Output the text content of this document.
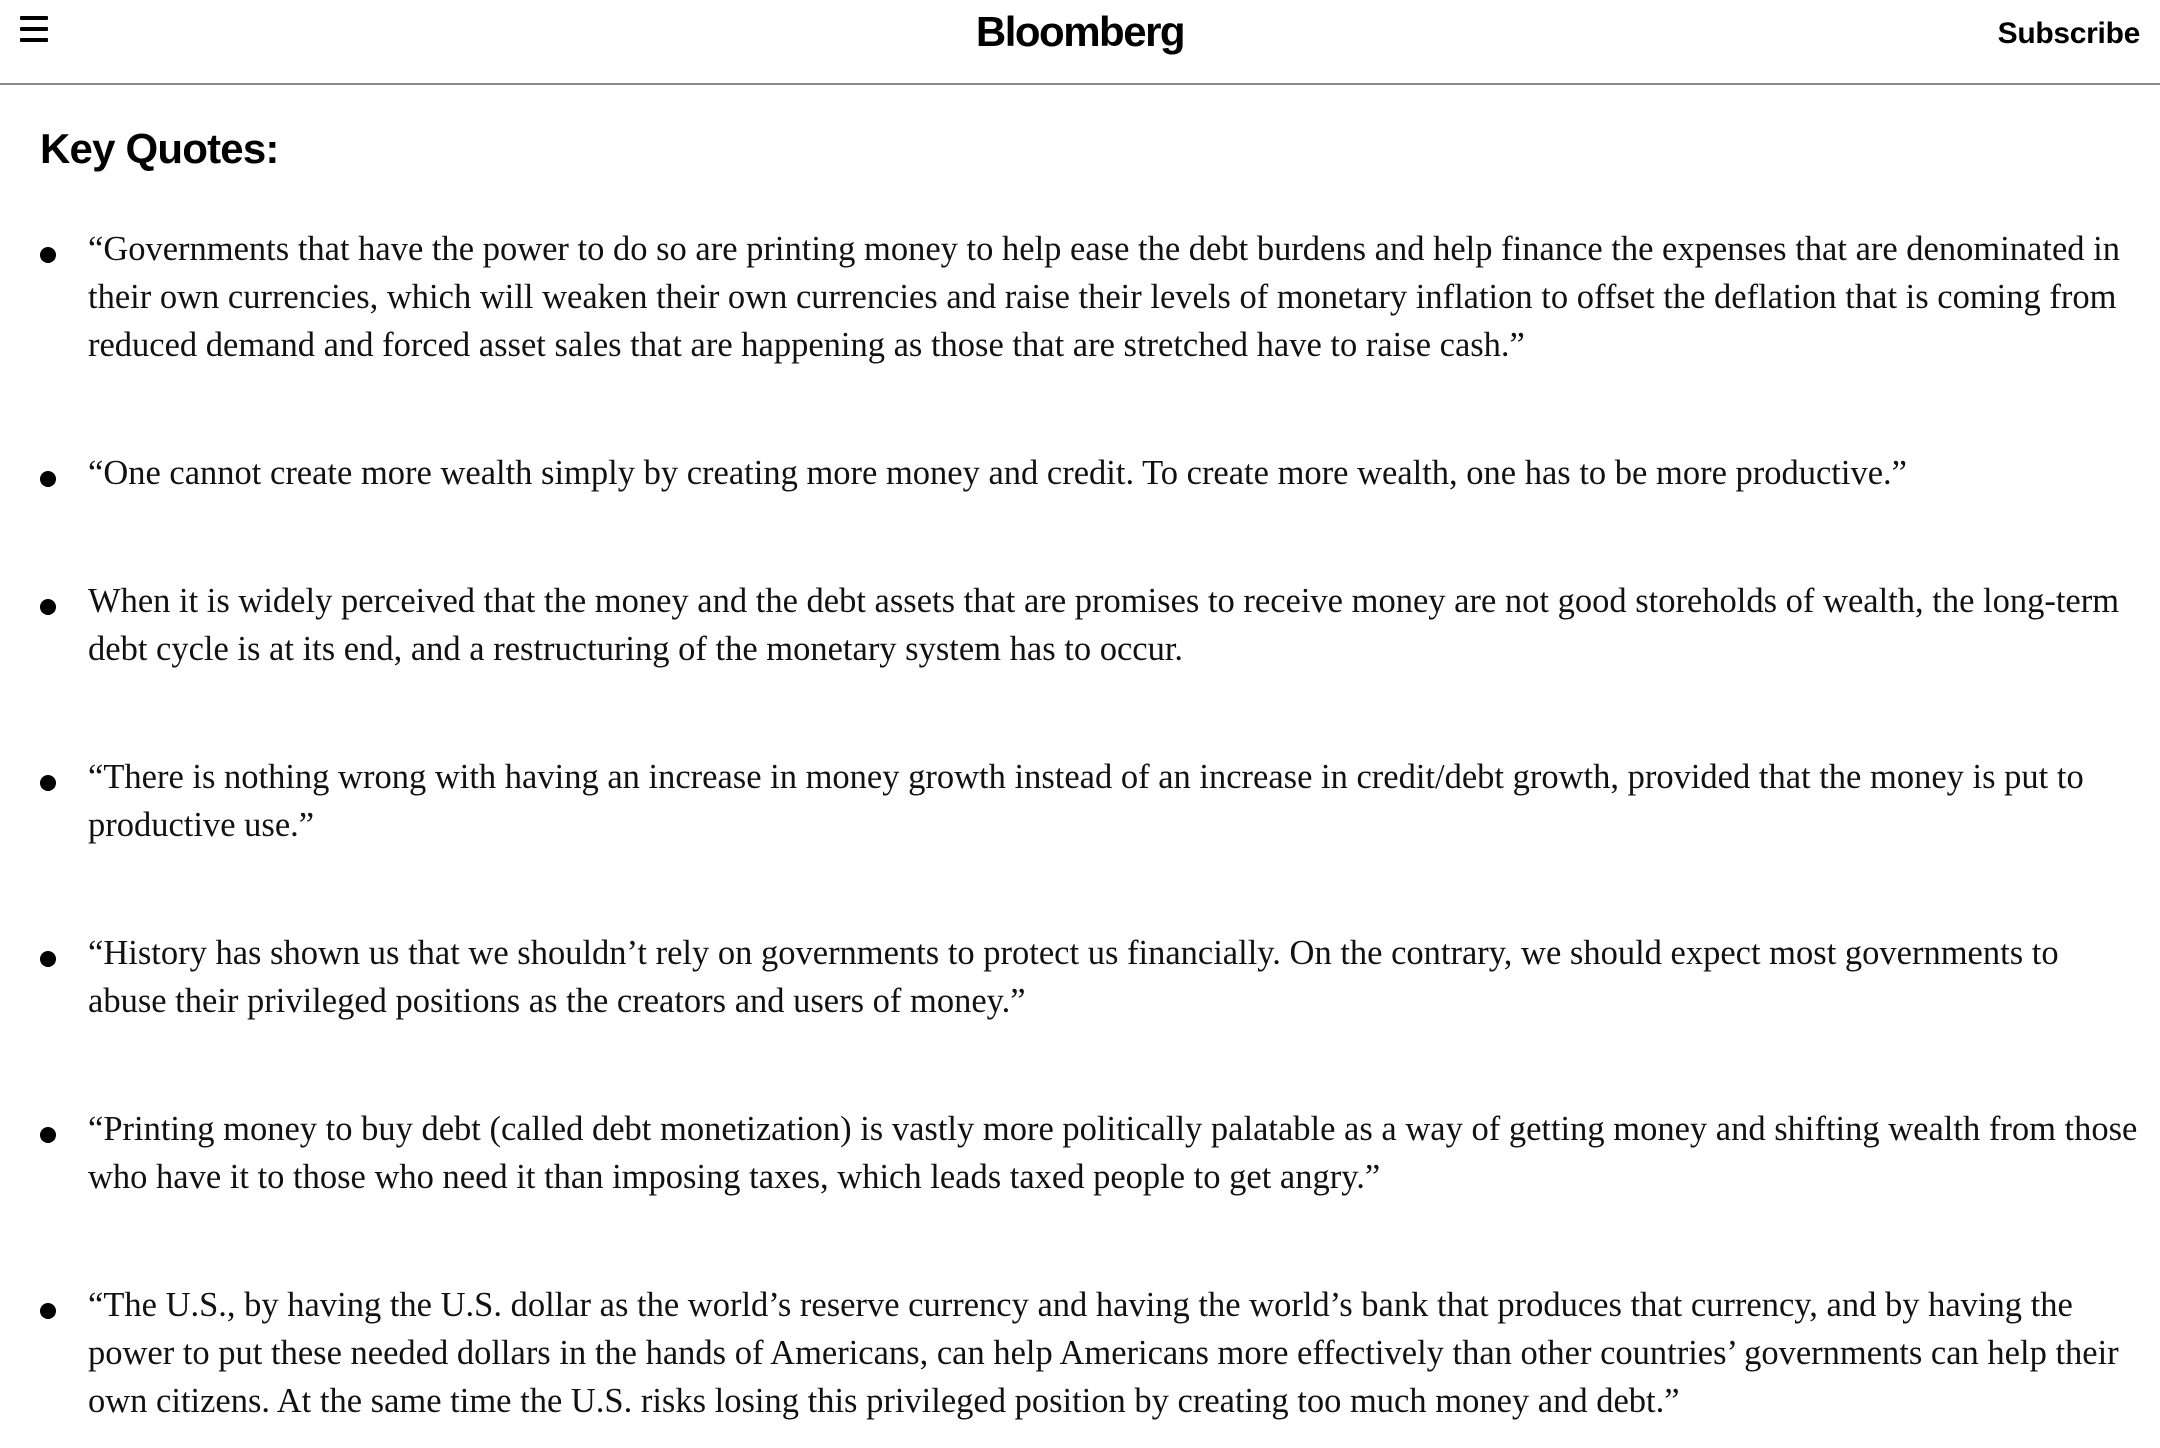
Bloomberg	Subscribe
Key Quotes:

“Governments that have the power to do so are printing money to help ease the debt burdens and help finance the expenses that are denominated in their own currencies, which will weaken their own currencies and raise their levels of monetary inflation to offset the deflation that is coming from reduced demand and forced asset sales that are happening as those that are stretched have to raise cash.”

“One cannot create more wealth simply by creating more money and credit. To create more wealth, one has to be more productive.”

When it is widely perceived that the money and the debt assets that are promises to receive money are not good storeholds of wealth, the long-term debt cycle is at its end, and a restructuring of the monetary system has to occur.

“There is nothing wrong with having an increase in money growth instead of an increase in credit/debt growth, provided that the money is put to productive use.”

“History has shown us that we shouldn’t rely on governments to protect us financially. On the contrary, we should expect most governments to abuse their privileged positions as the creators and users of money.”

“Printing money to buy debt (called debt monetization) is vastly more politically palatable as a way of getting money and shifting wealth from those who have it to those who need it than imposing taxes, which leads taxed people to get angry.”

“The U.S., by having the U.S. dollar as the world’s reserve currency and having the world’s bank that produces that currency, and by having the power to put these needed dollars in the hands of Americans, can help Americans more effectively than other countries’ governments can help their own citizens. At the same time the U.S. risks losing this privileged position by creating too much money and debt.”
